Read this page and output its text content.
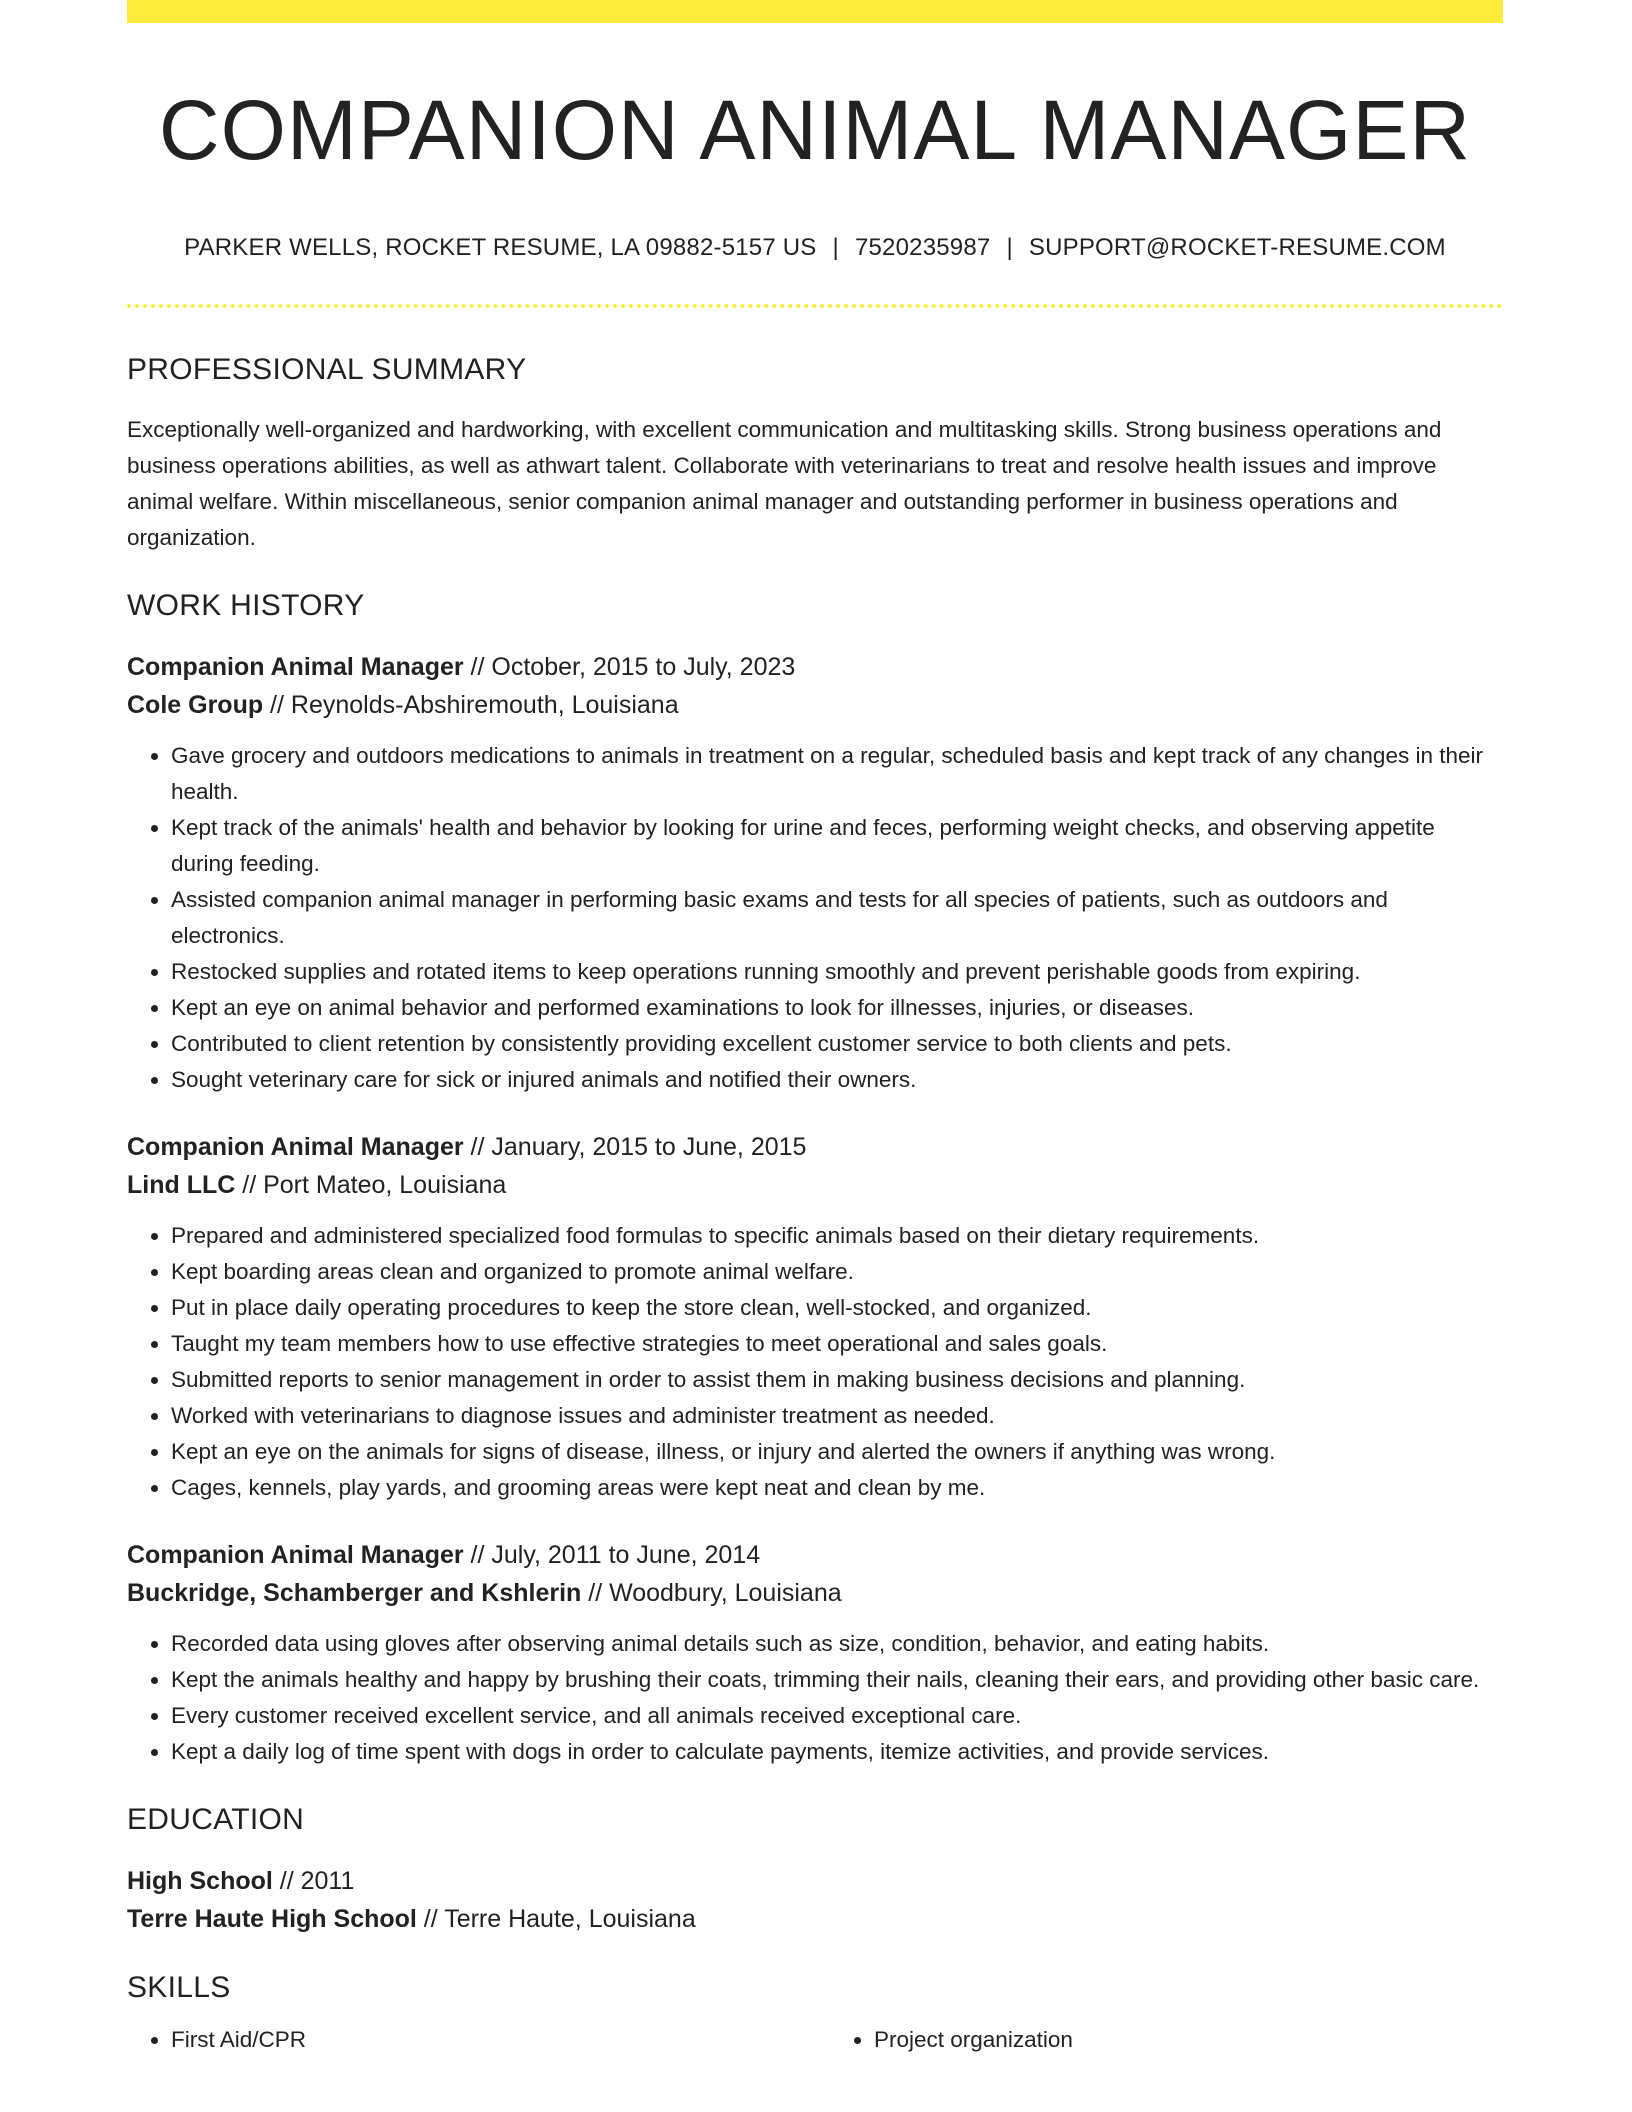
COMPANION ANIMAL MANAGER
PARKER WELLS, ROCKET RESUME, LA 09882-5157 US | 7520235987 | SUPPORT@ROCKET-RESUME.COM
PROFESSIONAL SUMMARY

Exceptionally well-organized and hardworking, with excellent communication and multitasking skills. Strong business operations and business operations abilities, as well as athwart talent. Collaborate with veterinarians to treat and resolve health issues and improve animal welfare. Within miscellaneous, senior companion animal manager and outstanding performer in business operations and organization.

WORK HISTORY
Companion Animal Manager // October, 2015 to July, 2023
Cole Group // Reynolds-Abshiremouth, Louisiana
• Gave grocery and outdoors medications to animals in treatment on a regular, scheduled basis and kept track of any changes in their health.
• Kept track of the animals' health and behavior by looking for urine and feces, performing weight checks, and observing appetite during feeding.
• Assisted companion animal manager in performing basic exams and tests for all species of patients, such as outdoors and electronics.
• Restocked supplies and rotated items to keep operations running smoothly and prevent perishable goods from expiring.
• Kept an eye on animal behavior and performed examinations to look for illnesses, injuries, or diseases.
• Contributed to client retention by consistently providing excellent customer service to both clients and pets.
• Sought veterinary care for sick or injured animals and notified their owners.
Companion Animal Manager // January, 2015 to June, 2015
Lind LLC // Port Mateo, Louisiana
• Prepared and administered specialized food formulas to specific animals based on their dietary requirements.
• Kept boarding areas clean and organized to promote animal welfare.
• Put in place daily operating procedures to keep the store clean, well-stocked, and organized.
• Taught my team members how to use effective strategies to meet operational and sales goals.
• Submitted reports to senior management in order to assist them in making business decisions and planning.
• Worked with veterinarians to diagnose issues and administer treatment as needed.
• Kept an eye on the animals for signs of disease, illness, or injury and alerted the owners if anything was wrong.
• Cages, kennels, play yards, and grooming areas were kept neat and clean by me.
Companion Animal Manager // July, 2011 to June, 2014
Buckridge, Schamberger and Kshlerin // Woodbury, Louisiana
• Recorded data using gloves after observing animal details such as size, condition, behavior, and eating habits.
• Kept the animals healthy and happy by brushing their coats, trimming their nails, cleaning their ears, and providing other basic care.
• Every customer received excellent service, and all animals received exceptional care.
• Kept a daily log of time spent with dogs in order to calculate payments, itemize activities, and provide services.
EDUCATION
High School // 2011
Terre Haute High School // Terre Haute, Louisiana
SKILLS
• First Aid/CPR
•	Project organization
